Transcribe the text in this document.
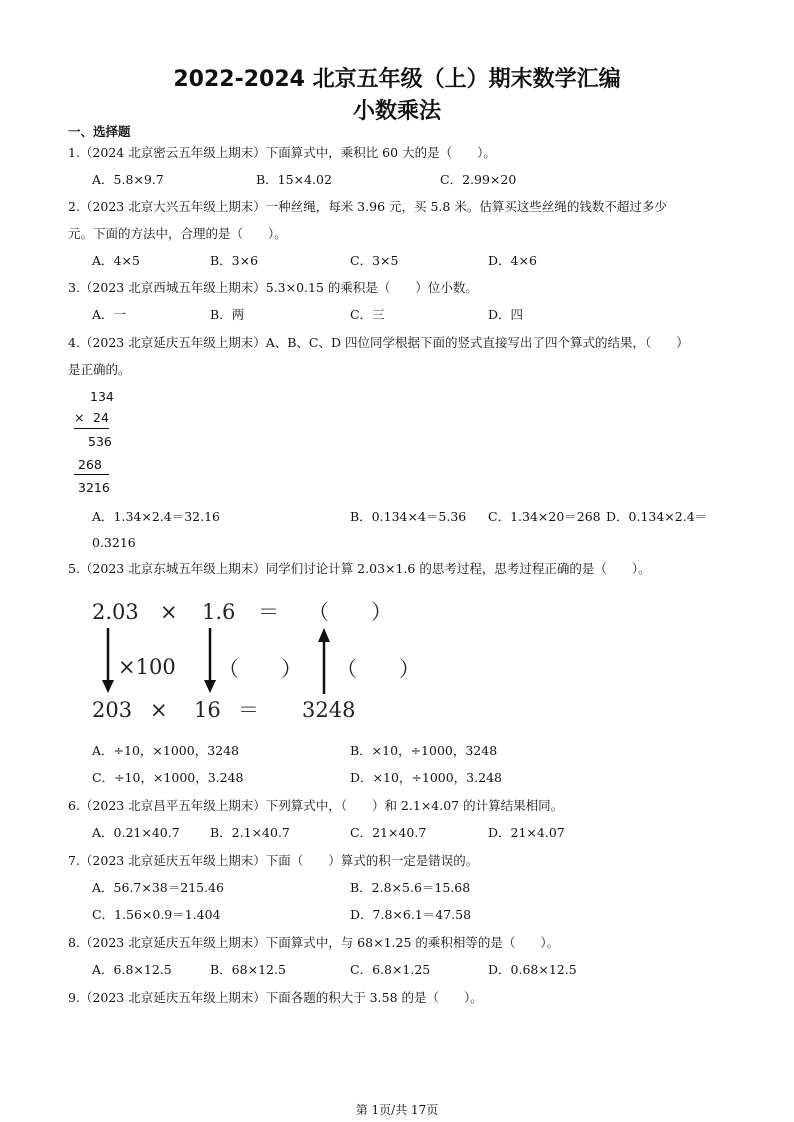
2022-2024 北京五年级（上）期末数学汇编
小数乘法
一、选择题
1.（2024 北京密云五年级上期末）下面算式中，乘积比 60 大的是（　　）。
A．5.8×9.7	B．15×4.02	C．2.99×20
2.（2023 北京大兴五年级上期末）一种丝绳，每米 3.96 元，买 5.8 米。估算买这些丝绳的钱数不超过多少
元。下面的方法中，合理的是（　　）。
A．4×5	B．3×6	C．3×5	D．4×6
3.（2023 北京西城五年级上期末）5.3×0.15 的乘积是（　　）位小数。
A．一	B．两	C．三	D．四
4.（2023 北京延庆五年级上期末）A、B、C、D 四位同学根据下面的竖式直接写出了四个算式的结果，（　　）
是正确的。
134
× 24
536
268
3216
A．1.34×2.4＝32.16	B．0.134×4＝5.36 C．1.34×20＝268 D．0.134×2.4＝
0.3216
5.（2023 北京东城五年级上期末）同学们讨论计算 2.03×1.6 的思考过程，思考过程正确的是（　　）。
2.03 × 1.6 ＝ （　　）
×100 （　　） （　　）
203 × 16 ＝ 3248
A．÷10，×1000，3248	B．×10，÷1000，3248
C．÷10，×1000，3.248	D．×10，÷1000，3.248
6.（2023 北京昌平五年级上期末）下列算式中，（　　）和 2.1×4.07 的计算结果相同。
A．0.21×40.7 B．2.1×40.7	C．21×40.7	D．21×4.07
7.（2023 北京延庆五年级上期末）下面（　　）算式的积一定是错误的。
A．56.7×38＝215.46	B．2.8×5.6＝15.68
C．1.56×0.9＝1.404	D．7.8×6.1＝47.58
8.（2023 北京延庆五年级上期末）下面算式中，与 68×1.25 的乘积相等的是（　　）。
A．6.8×12.5	B．68×12.5	C．6.8×1.25	D．0.68×12.5
9.（2023 北京延庆五年级上期末）下面各题的积大于 3.58 的是（　　）。
第 1页/共 17页
